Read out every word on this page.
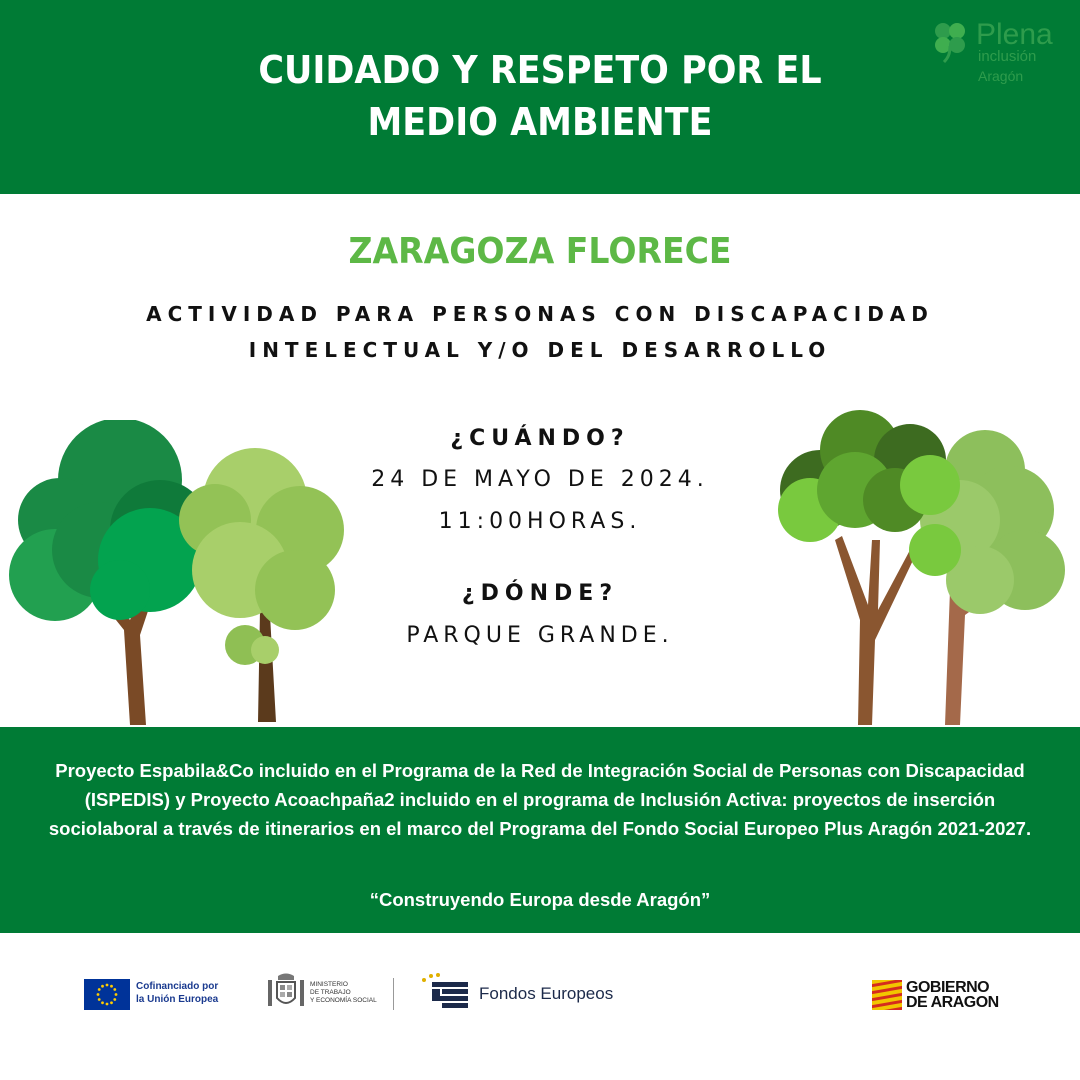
CUIDADO Y RESPETO POR EL
MEDIO AMBIENTE
Plena
inclusión
Aragón
ZARAGOZA FLORECE
ACTIVIDAD PARA PERSONAS CON DISCAPACIDAD
INTELECTUAL Y/O DEL DESARROLLO
¿CUÁNDO?
24 DE MAYO DE 2024.
11:00HORAS.
¿DÓNDE?
PARQUE GRANDE.
Proyecto Espabila&Co incluido en el Programa de la Red de Integración Social de Personas con Discapacidad (ISPEDIS) y Proyecto Acoachpaña2 incluido en el programa de Inclusión Activa: proyectos de inserción sociolaboral a través de itinerarios en el marco del Programa del Fondo Social Europeo Plus Aragón 2021-2027.
“Construyendo Europa desde Aragón”
Cofinanciado por
la Unión Europea
MINISTERIO
DE TRABAJO
Y ECONOMÍA SOCIAL	Fondos Europeos	GOBIERNO
DE ARAGON
